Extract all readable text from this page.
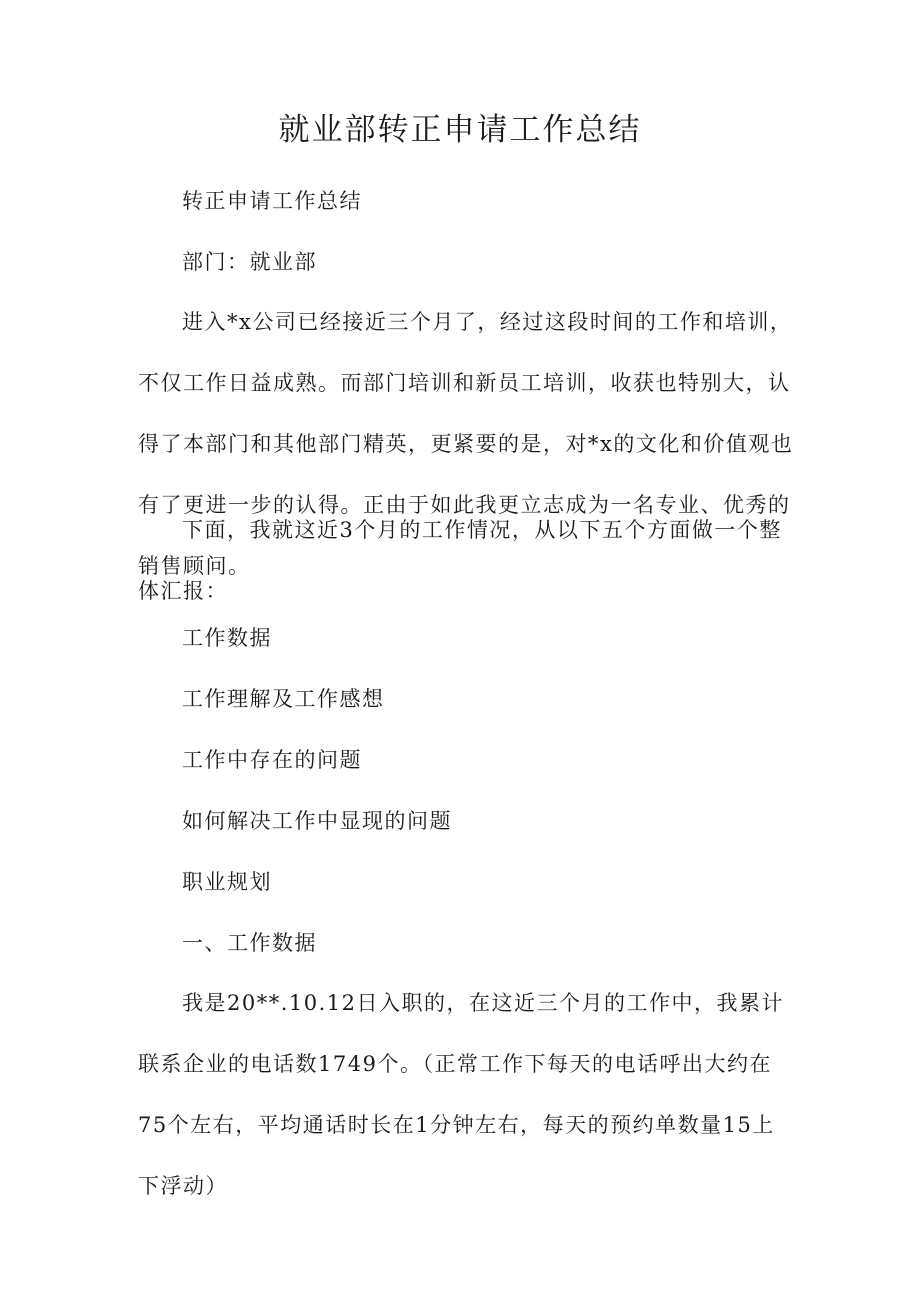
就业部转正申请工作总结
转正申请工作总结
部门：就业部

进入*x公司已经接近三个月了，经过这段时间的工作和培训，不仅工作日益成熟。而部门培训和新员工培训，收获也特别大，认得了本部门和其他部门精英，更紧要的是，对*x的文化和价值观也有了更进一步的认得。正由于如此我更立志成为一名专业、优秀的销售顾问。

下面，我就这近3个月的工作情况，从以下五个方面做一个整体汇报：

工作数据
工作理解及工作感想
工作中存在的问题
如何解决工作中显现的问题
职业规划
一、工作数据

我是20**.10.12日入职的，在这近三个月的工作中，我累计联系企业的电话数1749个。（正常工作下每天的电话呼出大约在75个左右，平均通话时长在1分钟左右，每天的预约单数量15上下浮动）
